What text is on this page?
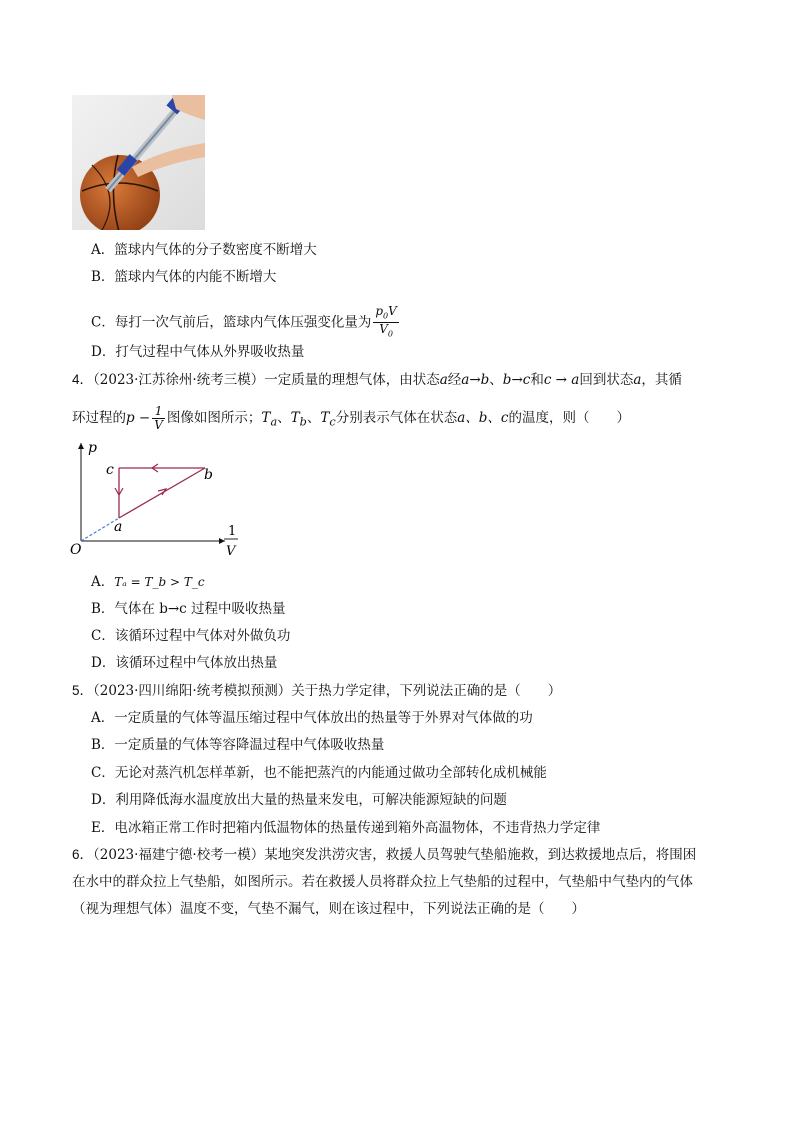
A．篮球内气体的分子数密度不断增大
B．篮球内气体的内能不断增大
C．每打一次气前后，篮球内气体压强变化量为 $\frac{p_0V}{V_0}$
D．打气过程中气体从外界吸收热量
4．（2023·江苏徐州·统考三模）一定质量的理想气体，由状态a经a→b、b→c和c → a回到状态a，其循
环过程的$p - \frac{1}{V}$ 图像如图所示；$T_a$、$T_b$、$T_c$分别表示气体在状态a、b、c的温度，则（　　）
p
c	b
a
O
1
V
A．Tₐ = T_b > T_c
B．气体在 b→c 过程中吸收热量
C．该循环过程中气体对外做负功
D．该循环过程中气体放出热量
5．（2023·四川绵阳·统考模拟预测）关于热力学定律，下列说法正确的是（　　）
A．一定质量的气体等温压缩过程中气体放出的热量等于外界对气体做的功
B．一定质量的气体等容降温过程中气体吸收热量
C．无论对蒸汽机怎样革新，也不能把蒸汽的内能通过做功全部转化成机械能
D．利用降低海水温度放出大量的热量来发电，可解决能源短缺的问题
E．电冰箱正常工作时把箱内低温物体的热量传递到箱外高温物体，不违背热力学定律
6．（2023·福建宁德·校考一模）某地突发洪涝灾害，救援人员驾驶气垫船施救，到达救援地点后，将围困
在水中的群众拉上气垫船，如图所示。若在救援人员将群众拉上气垫船的过程中，气垫船中气垫内的气体
（视为理想气体）温度不变，气垫不漏气，则在该过程中，下列说法正确的是（　　）
